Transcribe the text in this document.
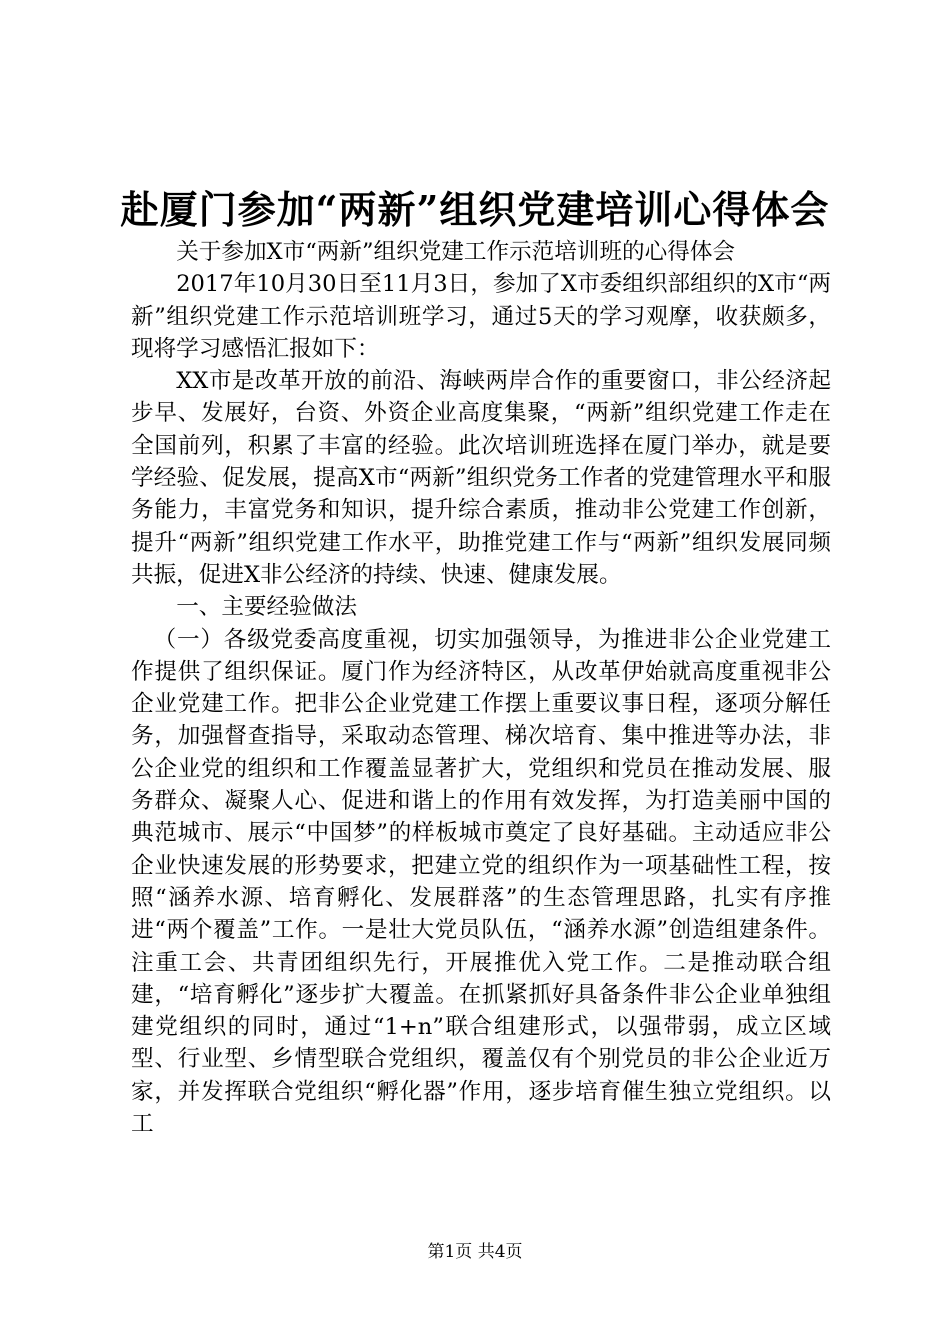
赴厦门参加“两新”组织党建培训心得体会

关于参加X市“两新”组织党建工作示范培训班的心得体会

2017年10月30日至11月3日，参加了X市委组织部组织的X市“两新”组织党建工作示范培训班学习，通过5天的学习观摩，收获颇多，现将学习感悟汇报如下：

XX市是改革开放的前沿、海峡两岸合作的重要窗口，非公经济起步早、发展好，台资、外资企业高度集聚，“两新”组织党建工作走在全国前列，积累了丰富的经验。此次培训班选择在厦门举办，就是要学经验、促发展，提高X市“两新”组织党务工作者的党建管理水平和服务能力，丰富党务和知识，提升综合素质，推动非公党建工作创新，提升“两新”组织党建工作水平，助推党建工作与“两新”组织发展同频共振，促进X非公经济的持续、快速、健康发展。

一、主要经验做法

（一）各级党委高度重视，切实加强领导，为推进非公企业党建工作提供了组织保证。厦门作为经济特区，从改革伊始就高度重视非公企业党建工作。把非公企业党建工作摆上重要议事日程，逐项分解任务，加强督查指导，采取动态管理、梯次培育、集中推进等办法，非公企业党的组织和工作覆盖显著扩大，党组织和党员在推动发展、服务群众、凝聚人心、促进和谐上的作用有效发挥，为打造美丽中国的典范城市、展示“中国梦”的样板城市奠定了良好基础。主动适应非公企业快速发展的形势要求，把建立党的组织作为一项基础性工程，按照“涵养水源、培育孵化、发展群落”的生态管理思路，扎实有序推进“两个覆盖”工作。一是壮大党员队伍，“涵养水源”创造组建条件。注重工会、共青团组织先行，开展推优入党工作。二是推动联合组建，“培育孵化”逐步扩大覆盖。在抓紧抓好具备条件非公企业单独组建党组织的同时，通过“1+n”联合组建形式，以强带弱，成立区域型、行业型、乡情型联合党组织，覆盖仅有个别党员的非公企业近万家，并发挥联合党组织“孵化器”作用，逐步培育催生独立党组织。以工

第1页 共4页
